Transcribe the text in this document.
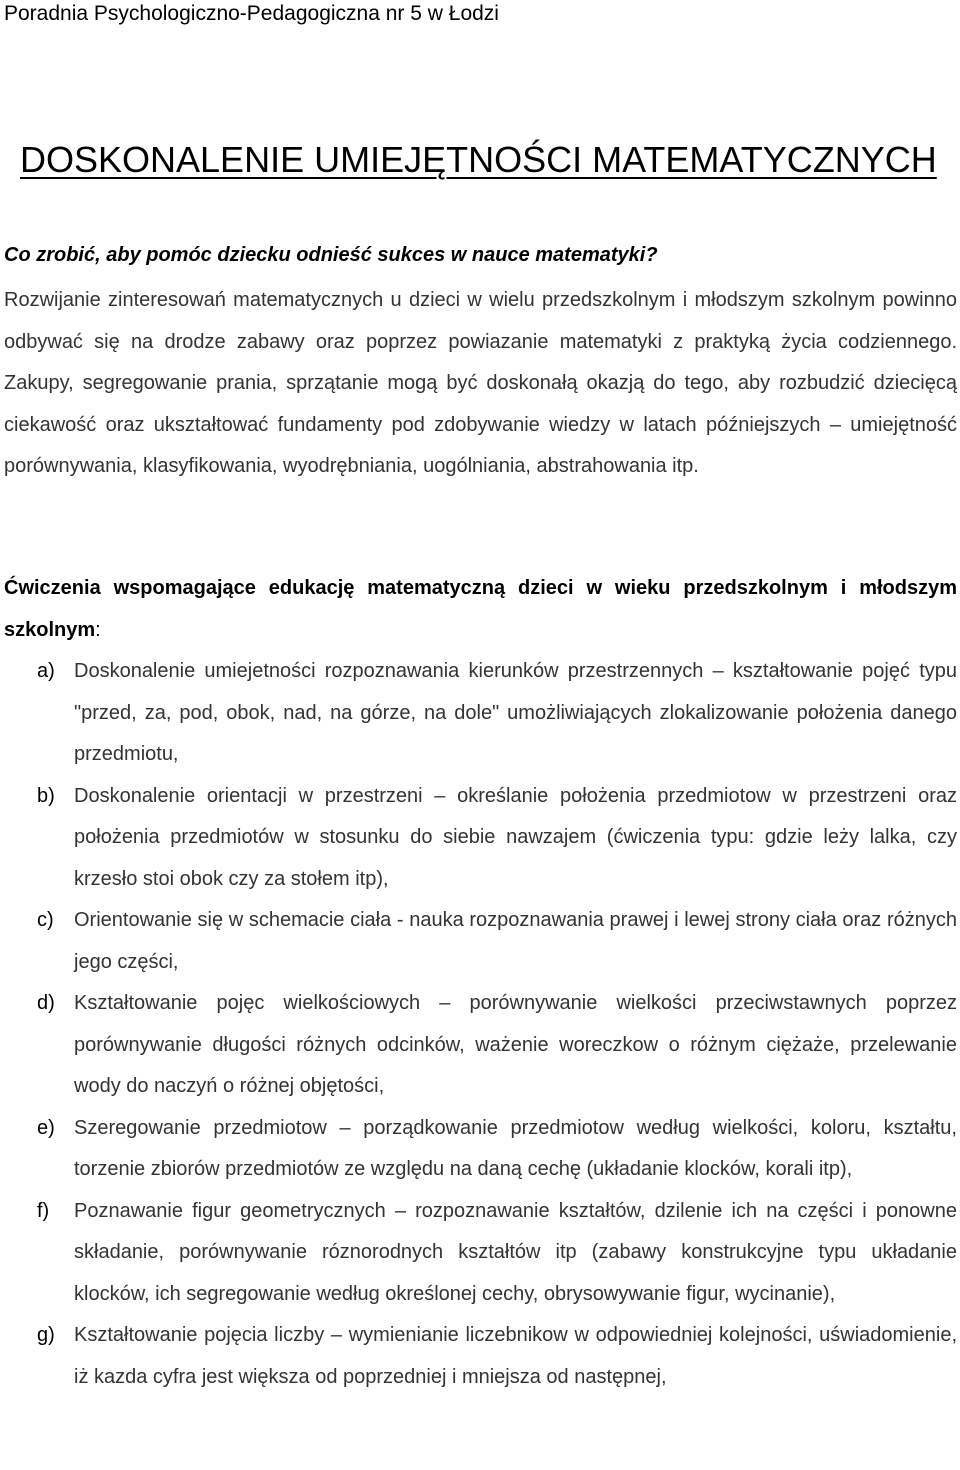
Poradnia Psychologiczno-Pedagogiczna nr 5 w Łodzi
DOSKONALENIE UMIEJĘTNOŚCI MATEMATYCZNYCH
Co zrobić, aby pomóc dziecku odnieść sukces w nauce matematyki?

Rozwijanie zinteresowań matematycznych u dzieci w wielu przedszkolnym i młodszym szkolnym powinno odbywać się na drodze zabawy oraz poprzez powiazanie matematyki z praktyką życia codziennego. Zakupy, segregowanie prania, sprzątanie mogą być doskonałą okazją do tego, aby rozbudzić dziecięcą ciekawość oraz ukształtować fundamenty pod zdobywanie wiedzy w latach późniejszych – umiejętność porównywania, klasyfikowania, wyodrębniania, uogólniania, abstrahowania itp.

Ćwiczenia wspomagające edukację matematyczną dzieci w wieku przedszkolnym i młodszym szkolnym:

a) Doskonalenie umiejetności rozpoznawania kierunków przestrzennych – kształtowanie pojęć typu "przed, za, pod, obok, nad, na górze, na dole" umożliwiających zlokalizowanie położenia danego przedmiotu,
b) Doskonalenie orientacji w przestrzeni – określanie położenia przedmiotow w przestrzeni oraz położenia przedmiotów w stosunku do siebie nawzajem (ćwiczenia typu: gdzie leży lalka, czy krzesło stoi obok czy za stołem itp),
c) Orientowanie się w schemacie ciała - nauka rozpoznawania prawej i lewej strony ciała oraz różnych jego części,
d) Kształtowanie pojęc wielkościowych – porównywanie wielkości przeciwstawnych poprzez porównywanie długości różnych odcinków, ważenie woreczkow o różnym ciężaże, przelewanie wody do naczyń o różnej objętości,
e) Szeregowanie przedmiotow – porządkowanie przedmiotow według wielkości, koloru, kształtu, torzenie zbiorów przedmiotów ze względu na daną cechę (układanie klocków, korali itp),
f) Poznawanie figur geometrycznych – rozpoznawanie kształtów, dzilenie ich na części i ponowne składanie, porównywanie róznorodnych kształtów itp (zabawy konstrukcyjne typu układanie klocków, ich segregowanie według określonej cechy, obrysowywanie figur, wycinanie),
g) Kształtowanie pojęcia liczby – wymienianie liczebnikow w odpowiedniej kolejności, uświadomienie, iż kazda cyfra jest większa od poprzedniej i mniejsza od następnej,
